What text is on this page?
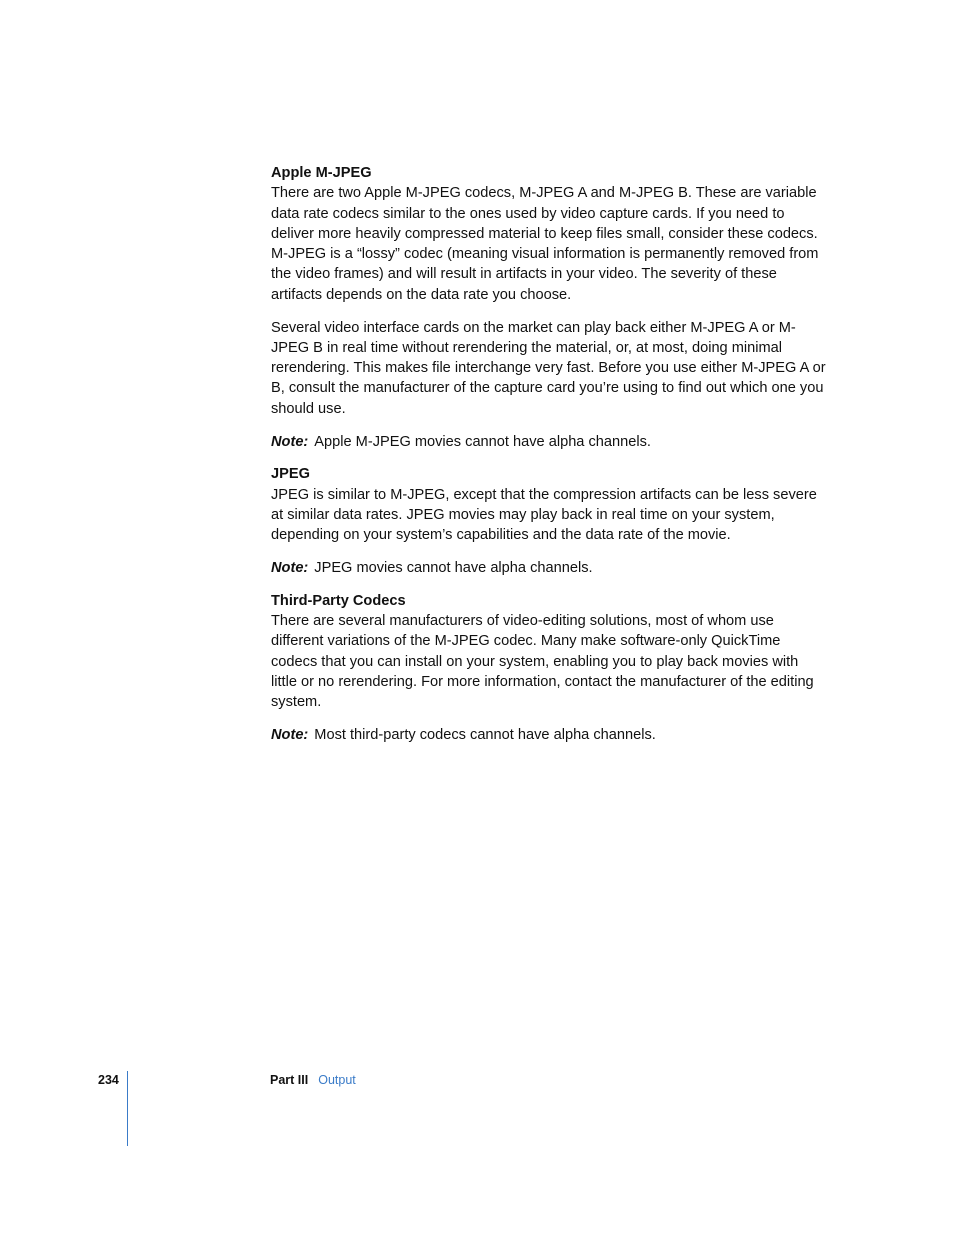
Apple M-JPEG

There are two Apple M-JPEG codecs, M-JPEG A and M-JPEG B. These are variable data rate codecs similar to the ones used by video capture cards. If you need to deliver more heavily compressed material to keep files small, consider these codecs. M-JPEG is a “lossy” codec (meaning visual information is permanently removed from the video frames) and will result in artifacts in your video. The severity of these artifacts depends on the data rate you choose.

Several video interface cards on the market can play back either M-JPEG A or M-JPEG B in real time without rerendering the material, or, at most, doing minimal rerendering. This makes file interchange very fast. Before you use either M-JPEG A or B, consult the manufacturer of the capture card you’re using to find out which one you should use.

Note: Apple M-JPEG movies cannot have alpha channels.

JPEG

JPEG is similar to M-JPEG, except that the compression artifacts can be less severe at similar data rates. JPEG movies may play back in real time on your system, depending on your system’s capabilities and the data rate of the movie.

Note: JPEG movies cannot have alpha channels.

Third-Party Codecs

There are several manufacturers of video-editing solutions, most of whom use different variations of the M-JPEG codec. Many make software-only QuickTime codecs that you can install on your system, enabling you to play back movies with little or no rerendering. For more information, contact the manufacturer of the editing system.

Note: Most third-party codecs cannot have alpha channels.

234	Part III Output
